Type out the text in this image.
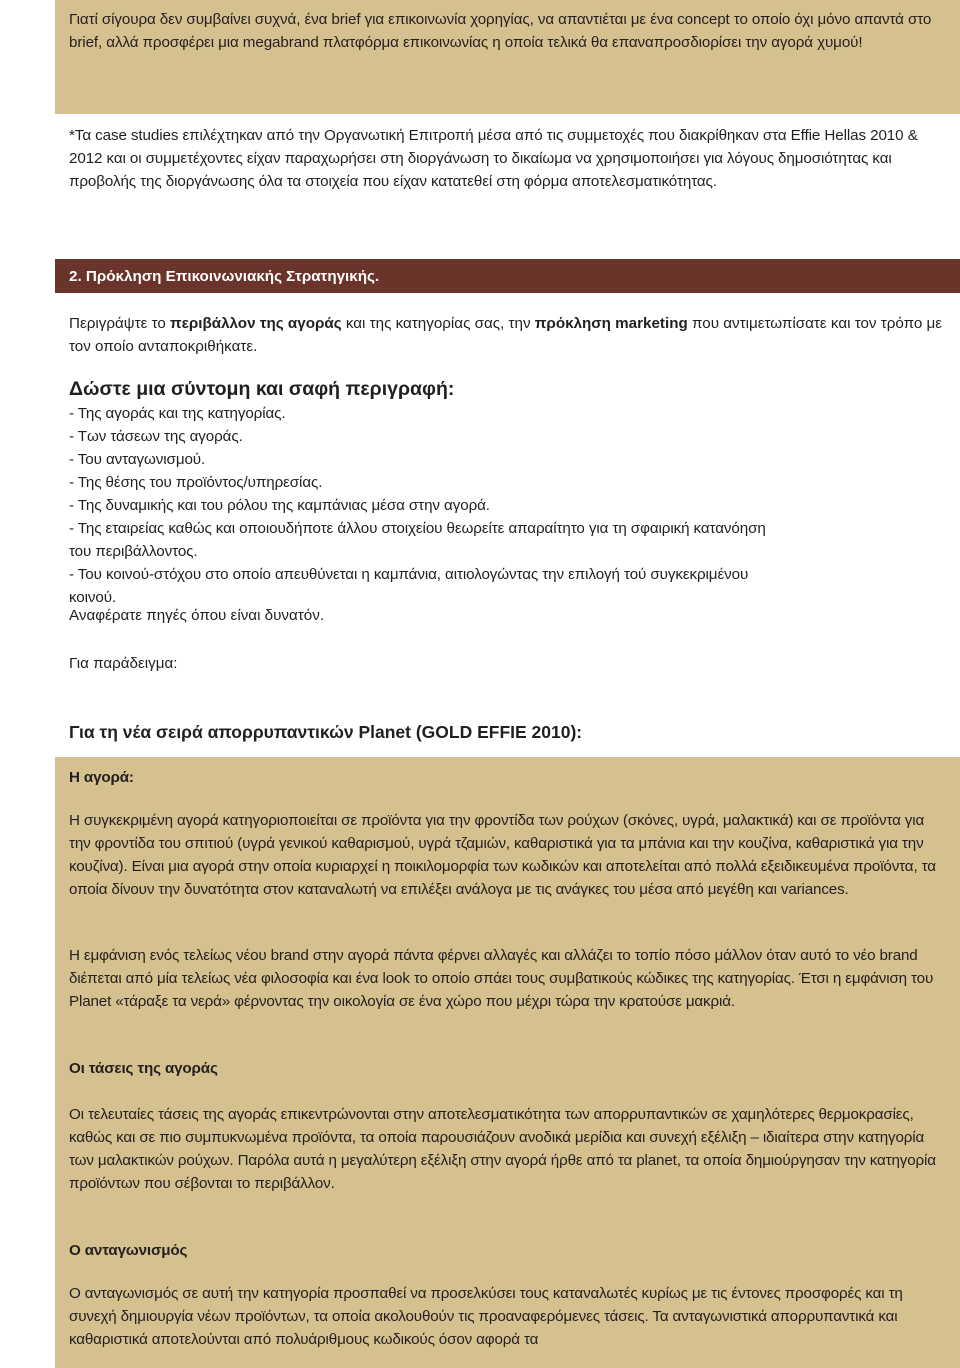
Γιατί σίγουρα δεν συμβαίνει συχνά, ένα brief για επικοινωνία χορηγίας, να απαντιέται με ένα concept το οποίο όχι μόνο απαντά στο brief, αλλά προσφέρει μια megabrand πλατφόρμα επικοινωνίας η οποία τελικά θα επαναπροσδιορίσει την αγορά χυμού!

*Τα case studies επιλέχτηκαν από την Οργανωτική Επιτροπή μέσα από τις συμμετοχές που διακρίθηκαν στα Effie Hellas 2010 & 2012 και οι συμμετέχοντες είχαν παραχωρήσει στη διοργάνωση το δικαίωμα να χρησιμοποιήσει για λόγους δημοσιότητας και προβολής της διοργάνωσης όλα τα στοιχεία που είχαν κατατεθεί στη φόρμα αποτελεσματικότητας.

2. Πρόκληση Επικοινωνιακής Στρατηγικής.

Περιγράψτε το περιβάλλον της αγοράς και της κατηγορίας σας, την πρόκληση marketing που αντιμετωπίσατε και τον τρόπο με τον οποίο ανταποκριθήκατε.

Δώστε μια σύντομη και σαφή περιγραφή:

- Της αγοράς και της κατηγορίας.

- Των τάσεων της αγοράς.

- Του ανταγωνισμού.

- Της θέσης του προϊόντος/υπηρεσίας.

- Της δυναμικής και του ρόλου της καμπάνιας μέσα στην αγορά.

- Της εταιρείας καθώς και οποιουδήποτε άλλου στοιχείου θεωρείτε απαραίτητο για τη σφαιρική κατανόηση του περιβάλλοντος.

- Του κοινού-στόχου στο οποίο απευθύνεται η καμπάνια, αιτιολογώντας την επιλογή τού συγκεκριμένου κοινού.

Αναφέρατε πηγές όπου είναι δυνατόν.

Για παράδειγμα:

Για τη νέα σειρά απορρυπαντικών Planet (GOLD EFFIE 2010):

Η αγορά:

Η συγκεκριμένη αγορά κατηγοριοποιείται σε προϊόντα για την φροντίδα των ρούχων (σκόνες, υγρά, μαλακτικά) και σε προϊόντα για την φροντίδα του σπιτιού (υγρά γενικού καθαρισμού, υγρά τζαμιών, καθαριστικά για τα μπάνια και την κουζίνα, καθαριστικά για την κουζίνα). Είναι μια αγορά στην οποία κυριαρχεί η ποικιλομορφία των κωδικών και αποτελείται από πολλά εξειδικευμένα προϊόντα, τα οποία δίνουν την δυνατότητα στον καταναλωτή να επιλέξει ανάλογα με τις ανάγκες του μέσα από μεγέθη και variances.

Η εμφάνιση ενός τελείως νέου brand στην αγορά πάντα φέρνει αλλαγές και αλλάζει το τοπίο πόσο μάλλον όταν αυτό το νέο brand διέπεται από μία τελείως νέα φιλοσοφία και ένα look το οποίο σπάει τους συμβατικούς κώδικες της κατηγορίας. Έτσι η εμφάνιση του Planet «τάραξε τα νερά» φέρνοντας την οικολογία σε ένα χώρο που μέχρι τώρα την κρατούσε μακριά.

Οι τάσεις της αγοράς

Οι τελευταίες τάσεις της αγοράς επικεντρώνονται στην αποτελεσματικότητα των απορρυπαντικών σε χαμηλότερες θερμοκρασίες, καθώς και σε πιο συμπυκνωμένα προϊόντα, τα οποία παρουσιάζουν ανοδικά μερίδια και συνεχή εξέλιξη – ιδιαίτερα στην κατηγορία των μαλακτικών ρούχων. Παρόλα αυτά η μεγαλύτερη εξέλιξη στην αγορά ήρθε από τα planet, τα οποία δημιούργησαν την κατηγορία προϊόντων που σέβονται το περιβάλλον.

Ο ανταγωνισμός

Ο ανταγωνισμός σε αυτή την κατηγορία προσπαθεί να προσελκύσει τους καταναλωτές κυρίως με τις έντονες προσφορές και τη συνεχή δημιουργία νέων προϊόντων, τα οποία ακολουθούν τις προαναφερόμενες τάσεις. Τα ανταγωνιστικά απορρυπαντικά και καθαριστικά αποτελούνται από πολυάριθμους κωδικούς όσον αφορά τα
